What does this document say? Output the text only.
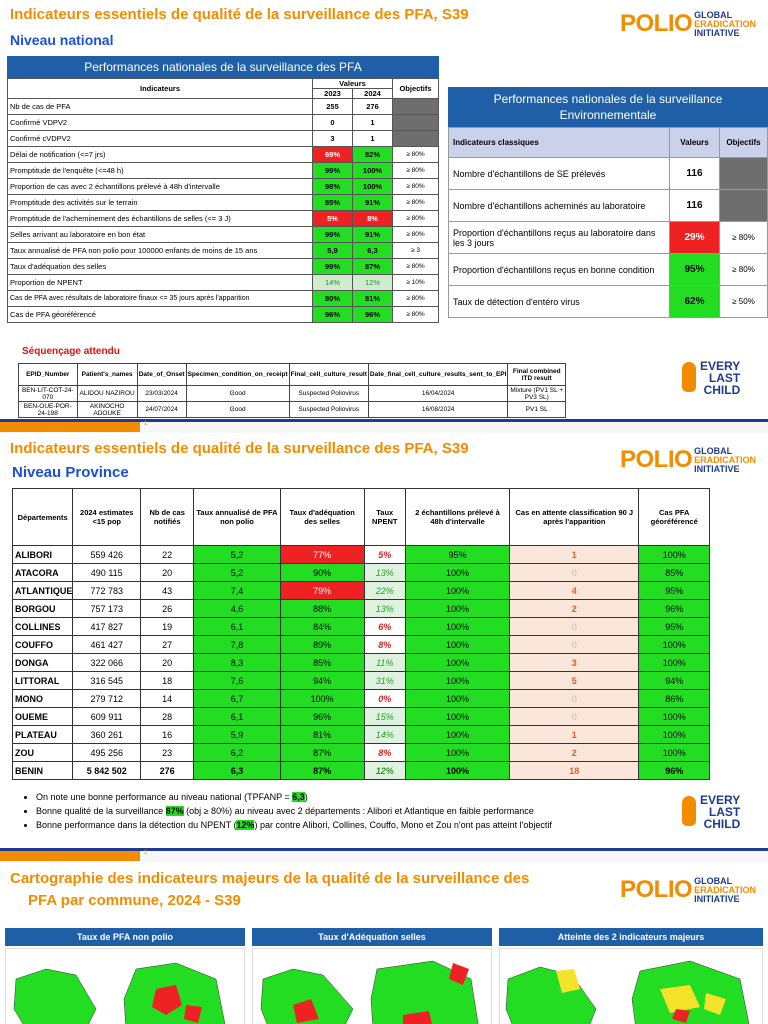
Indicateurs essentiels de qualité de la surveillance des PFA, S39
Niveau national
POLIO GLOBAL
ERADICATION
INITIATIVE
Performances nationales de la surveillance des PFA
Indicateurs	Valeurs		Objectifs
	2023	2024	
Nb de cas de PFA	255	276	
Confirmé VDPV2	0	1	
Confirmé cVDPV2	3	1	
Délai de notification (<=7 jrs)	69%	82%	≥ 80%
Promptitude de l'enquête (<=48 h)	99%	100%	≥ 80%
Proportion de cas avec 2 échantillons prélevé à 48h d'intervalle	98%	100%	≥ 80%
Promptitude des activités sur le terrain	85%	91%	≥ 80%
Promptitude de l'acheminement des échantillons de selles (<= 3 J)	5%	8%	≥ 80%
Selles arrivant au laboratoire en bon état	99%	91%	≥ 80%
Taux annualisé de PFA non polio pour 100000 enfants de moins de 15 ans	5,9	6,3	≥ 3
Taux d'adéquation des selles	99%	87%	≥ 80%
Proportion de NPENT	14%	12%	≥ 10%
Cas de PFA avec résultats de laboratoire finaux <= 35 jours après l'apparition	80%	81%	≥ 80%
Cas de PFA géoréférencé	96%	96%	≥ 80%
Performances nationales de la surveillance Environnementale
Indicateurs classiques	Valeurs	Objectifs
Nombre d'échantillons de SE prélevés	116	
Nombre d'échantillons acheminés au laboratoire	116	
Proportion d'échantillons reçus au laboratoire dans les 3 jours	29%	≥ 80%
Proportion d'échantillons reçus en bonne condition	95%	≥ 80%
Taux de détection d'entéro virus	62%	≥ 50%
Séquençage attendu
EPID_Number	Patient's_names	Date_of_Onset	Specimen_condition_on_receipt	Final_cell_culture_result	Date_final_cell_culture_results_sent_to_EPI	Final combined ITD result
BEN-LIT-COT-24-070	ALIDOU NAZIROU	23/03/2024	Good	Suspected Poliovirus	16/04/2024	Mixture (PV1 SL + PV3 SL)
BEN-OUE-POR-24-198	AKINOCHO ADOUKE	24/07/2024	Good	Suspected Poliovirus	16/08/2024	PV1 SL
EVERY
LAST
CHILD
1
Indicateurs essentiels de qualité de la surveillance des PFA, S39
Niveau Province	POLIO GLOBAL
ERADICATION
INITIATIVE
Départements	2024 estimates <15 pop	Nb de cas notifiés	Taux annualisé de PFA non polio	Taux d'adéquation des selles	Taux NPENT	2 échantillons prélevé à 48h d'intervalle	Cas en attente classification 90 J après l'apparition	Cas PFA géoréférencé
ALIBORI	559 426	22	5,2	77%	5%	95%	1	100%
ATACORA	490 115	20	5,2	90%	13%	100%	0	85%
ATLANTIQUE	772 783	43	7,4	79%	22%	100%	4	95%
BORGOU	757 173	26	4,6	88%	13%	100%	2	96%
COLLINES	417 827	19	6,1	84%	6%	100%	0	95%
COUFFO	461 427	27	7,8	89%	8%	100%	0	100%
DONGA	322 066	20	8,3	85%	11%	100%	3	100%
LITTORAL	316 545	18	7,6	94%	31%	100%	5	94%
MONO	279 712	14	6,7	100%	0%	100%	0	86%
OUEME	609 911	28	6,1	96%	15%	100%	0	100%
PLATEAU	360 261	16	5,9	81%	14%	100%	1	100%
ZOU	495 256	23	6,2	87%	8%	100%	2	100%
BENIN	5 842 502	276	6,3	87%	12%	100%	18	96%
• On note une bonne performance au niveau national (TPFANP = 6,3)
• Bonne qualité de la surveillance 87% (obj ≥ 80%) au niveau avec 2 départements : Alibori et Atlantique en faible performance
• Bonne performance dans la détection du NPENT (12%) par contre Alibori, Collines, Couffo, Mono et Zou n'ont pas atteint l'objectif
EVERY
LAST
CHILD
2
Cartographie des indicateurs majeurs de la qualité de la surveillance des
PFA par commune, 2024 - S39	POLIO GLOBAL
ERADICATION
INITIATIVE
Taux de PFA non polio	Taux d'Adéquation selles	Atteinte des 2 indicateurs majeurs
